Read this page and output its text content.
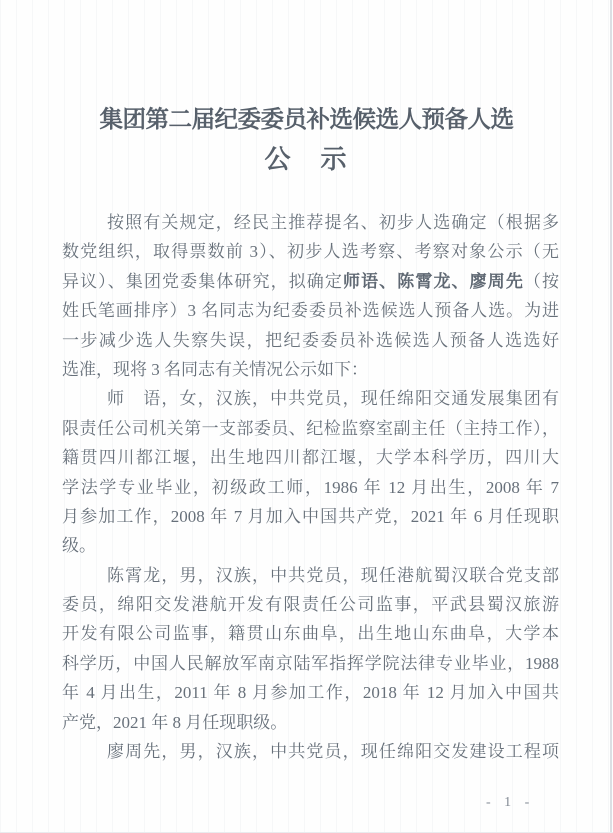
集团第二届纪委委员补选候选人预备人选
公　示
按照有关规定，经民主推荐提名、初步人选确定（根据多
数党组织，取得票数前 3）、初步人选考察、考察对象公示（无
异议）、集团党委集体研究，拟确定师语、陈霄龙、廖周先（按
姓氏笔画排序）3 名同志为纪委委员补选候选人预备人选。为进
一步减少选人失察失误，把纪委委员补选候选人预备人选选好
选准，现将 3 名同志有关情况公示如下：
师　语，女，汉族，中共党员，现任绵阳交通发展集团有
限责任公司机关第一支部委员、纪检监察室副主任（主持工作），
籍贯四川都江堰，出生地四川都江堰，大学本科学历，四川大
学法学专业毕业，初级政工师，1986 年 12 月出生，2008 年 7
月参加工作，2008 年 7 月加入中国共产党，2021 年 6 月任现职
级。
陈霄龙，男，汉族，中共党员，现任港航蜀汉联合党支部
委员，绵阳交发港航开发有限责任公司监事，平武县蜀汉旅游
开发有限公司监事，籍贯山东曲阜，出生地山东曲阜，大学本
科学历，中国人民解放军南京陆军指挥学院法律专业毕业，1988
年 4 月出生，2011 年 8 月参加工作，2018 年 12 月加入中国共
产党，2021 年 8 月任现职级。
廖周先，男，汉族，中共党员，现任绵阳交发建设工程项
- 1 -
